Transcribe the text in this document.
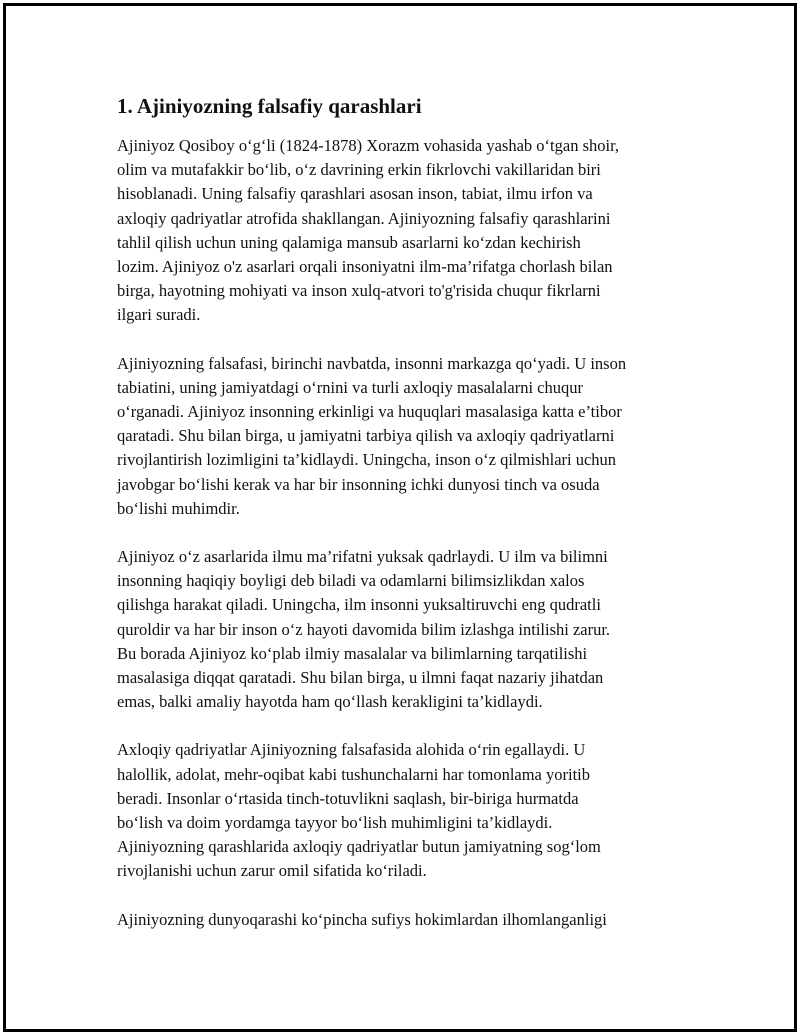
1. Ajiniyozning falsafiy qarashlari
Ajiniyoz Qosiboy o‘g‘li (1824-1878) Xorazm vohasida yashab o‘tgan shoir,
olim va mutafakkir bo‘lib, o‘z davrining erkin fikrlovchi vakillaridan biri
hisoblanadi. Uning falsafiy qarashlari asosan inson, tabiat, ilmu irfon va
axloqiy qadriyatlar atrofida shakllangan. Ajiniyozning falsafiy qarashlarini
tahlil qilish uchun uning qalamiga mansub asarlarni ko‘zdan kechirish
lozim. Ajiniyoz o'z asarlari orqali insoniyatni ilm-ma’rifatga chorlash bilan
birga, hayotning mohiyati va inson xulq-atvori to'g'risida chuqur fikrlarni
ilgari suradi.
Ajiniyozning falsafasi, birinchi navbatda, insonni markazga qo‘yadi. U inson
tabiatini, uning jamiyatdagi o‘rnini va turli axloqiy masalalarni chuqur
o‘rganadi. Ajiniyoz insonning erkinligi va huquqlari masalasiga katta e’tibor
qaratadi. Shu bilan birga, u jamiyatni tarbiya qilish va axloqiy qadriyatlarni
rivojlantirish lozimligini ta’kidlaydi. Uningcha, inson o‘z qilmishlari uchun
javobgar bo‘lishi kerak va har bir insonning ichki dunyosi tinch va osuda
bo‘lishi muhimdir.
Ajiniyoz o‘z asarlarida ilmu ma’rifatni yuksak qadrlaydi. U ilm va bilimni
insonning haqiqiy boyligi deb biladi va odamlarni bilimsizlikdan xalos
qilishga harakat qiladi. Uningcha, ilm insonni yuksaltiruvchi eng qudratli
quroldir va har bir inson o‘z hayoti davomida bilim izlashga intilishi zarur.
Bu borada Ajiniyoz ko‘plab ilmiy masalalar va bilimlarning tarqatilishi
masalasiga diqqat qaratadi. Shu bilan birga, u ilmni faqat nazariy jihatdan
emas, balki amaliy hayotda ham qo‘llash kerakligini ta’kidlaydi.
Axloqiy qadriyatlar Ajiniyozning falsafasida alohida o‘rin egallaydi. U
halollik, adolat, mehr-oqibat kabi tushunchalarni har tomonlama yoritib
beradi. Insonlar o‘rtasida tinch-totuvlikni saqlash, bir-biriga hurmatda
bo‘lish va doim yordamga tayyor bo‘lish muhimligini ta’kidlaydi.
Ajiniyozning qarashlarida axloqiy qadriyatlar butun jamiyatning sog‘lom
rivojlanishi uchun zarur omil sifatida ko‘riladi.
Ajiniyozning dunyoqarashi ko‘pincha sufiys hokimlardan ilhomlanganligi
